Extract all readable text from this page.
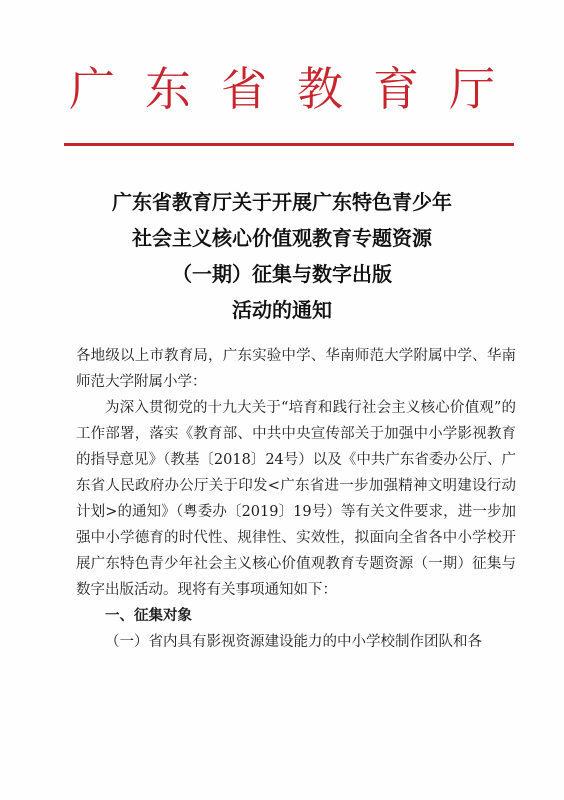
广东省教育厅
广东省教育厅关于开展广东特色青少年
社会主义核心价值观教育专题资源
（一期）征集与数字出版
活动的通知

各地级以上市教育局，广东实验中学、华南师范大学附属中学、华南师范大学附属小学：

为深入贯彻党的十九大关于“培育和践行社会主义核心价值观”的工作部署，落实《教育部、中共中央宣传部关于加强中小学影视教育的指导意见》（教基〔2018〕24号）以及《中共广东省委办公厅、广东省人民政府办公厅关于印发<广东省进一步加强精神文明建设行动计划>的通知》（粤委办〔2019〕19号）等有关文件要求，进一步加强中小学德育的时代性、规律性、实效性，拟面向全省各中小学校开展广东特色青少年社会主义核心价值观教育专题资源（一期）征集与数字出版活动。现将有关事项通知如下：

一、征集对象

（一）省内具有影视资源建设能力的中小学校制作团队和各
